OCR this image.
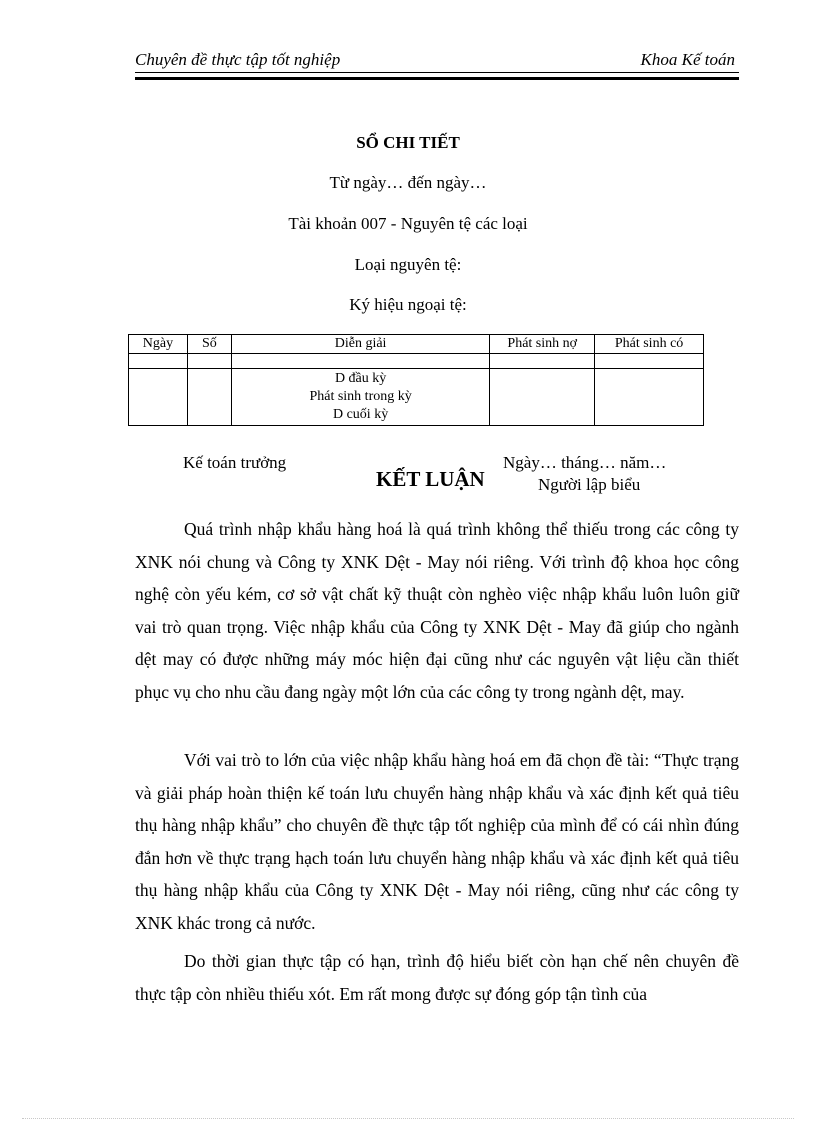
Chuyên đề thực tập tốt nghiệp	Khoa Kế toán
SỔ CHI TIẾT
Từ ngày… đến ngày…
Tài khoản 007 - Nguyên tệ các loại
Loại nguyên tệ:
Ký hiệu ngoại tệ:
Ngày	Số	Diễn giải	Phát sinh nợ	Phát sinh có

		D đầu kỳ
Phát sinh trong kỳ
D cuối kỳ		

Kế toán trưởng	Ngày… tháng… năm…
Người lập biểu
KẾT LUẬN

Quá trình nhập khẩu hàng hoá là quá trình không thể thiếu trong các công ty XNK nói chung và Công ty XNK Dệt - May nói riêng. Với trình độ khoa học công nghệ còn yếu kém, cơ sở vật chất kỹ thuật còn nghèo việc nhập khẩu luôn luôn giữ vai trò quan trọng. Việc nhập khẩu của Công ty XNK Dệt - May đã giúp cho ngành dệt may có được những máy móc hiện đại cũng như các nguyên vật liệu cần thiết phục vụ cho nhu cầu đang ngày một lớn của các công ty trong ngành dệt, may.

Với vai trò to lớn của việc nhập khẩu hàng hoá em đã chọn đề tài: “Thực trạng và giải pháp hoàn thiện kế toán lưu chuyển hàng nhập khẩu và xác định kết quả tiêu thụ hàng nhập khẩu” cho chuyên đề thực tập tốt nghiệp của mình để có cái nhìn đúng đắn hơn về thực trạng hạch toán lưu chuyển hàng nhập khẩu và xác định kết quả tiêu thụ hàng nhập khẩu của Công ty XNK Dệt - May nói riêng, cũng như các công ty XNK khác trong cả nước.

Do thời gian thực tập có hạn, trình độ hiểu biết còn hạn chế nên chuyên đề thực tập còn nhiều thiếu xót. Em rất mong được sự đóng góp tận tình của
